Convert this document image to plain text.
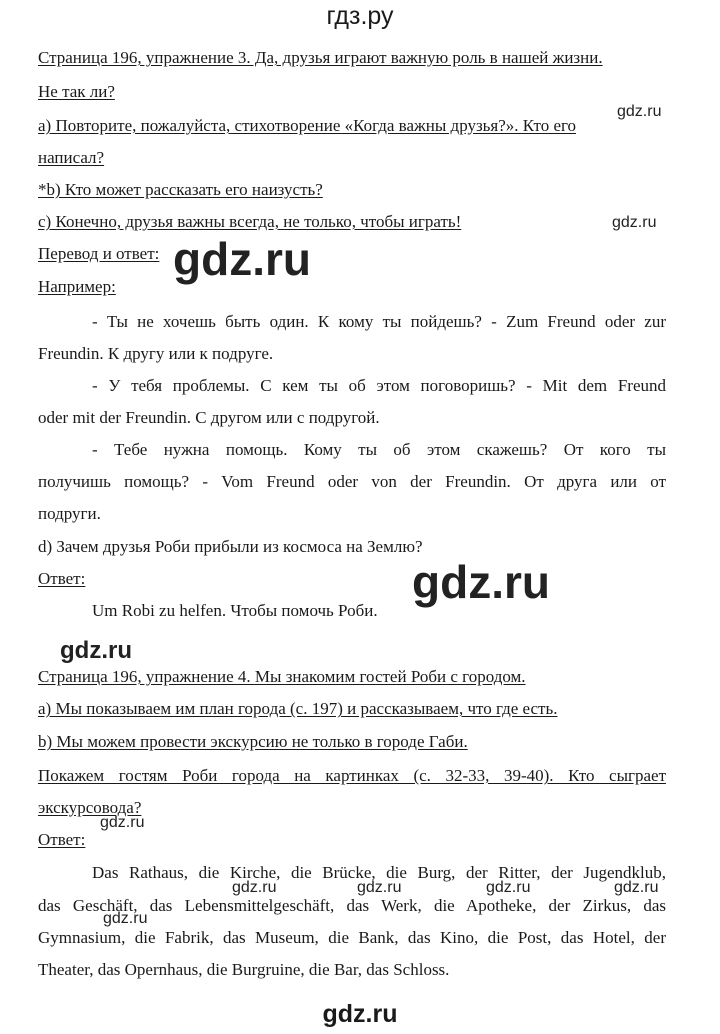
гдз.ру
Страница 196, упражнение 3. Да, друзья играют важную роль в нашей жизни.
Не так ли?
a) Повторите, пожалуйста, стихотворение «Когда важны друзья?». Кто его
написал?
*b) Кто может рассказать его наизусть?
c) Конечно, друзья важны всегда, не только, чтобы играть!
Перевод и ответ:
Например:
- Ты не хочешь быть один. К кому ты пойдешь? - Zum Freund oder zur
Freundin. К другу или к подруге.
- У тебя проблемы. С кем ты об этом поговоришь? - Mit dem Freund
oder mit der Freundin. С другом или с подругой.
- Тебе нужна помощь. Кому ты об этом скажешь? От кого ты
получишь помощь? - Vom Freund oder von der Freundin. От друга или от
подруги.
d) Зачем друзья Роби прибыли из космоса на Землю?
Ответ:
Um Robi zu helfen. Чтобы помочь Роби.
Страница 196, упражнение 4. Мы знакомим гостей Роби с городом.
a) Мы показываем им план города (с. 197) и рассказываем, что где есть.
b) Мы можем провести экскурсию не только в городе Габи.
Покажем гостям Роби города на картинках (с. 32-33, 39-40). Кто сыграет
экскурсовода?
Ответ:
Das Rathaus, die Kirche, die Brücke, die Burg, der Ritter, der Jugendklub,
das Geschäft, das Lebensmittelgeschäft, das Werk, die Apotheke, der Zirkus, das
Gymnasium, die Fabrik, das Museum, die Bank, das Kino, die Post, das Hotel, der
Theater, das Opernhaus, die Burgruine, die Bar, das Schloss.
gdz.ru
gdz.ru
gdz.ru
gdz.ru
gdz.ru
gdz.ru
gdz.ru	gdz.ru	gdz.ru	gdz.ru
gdz.ru
gdz.ru
